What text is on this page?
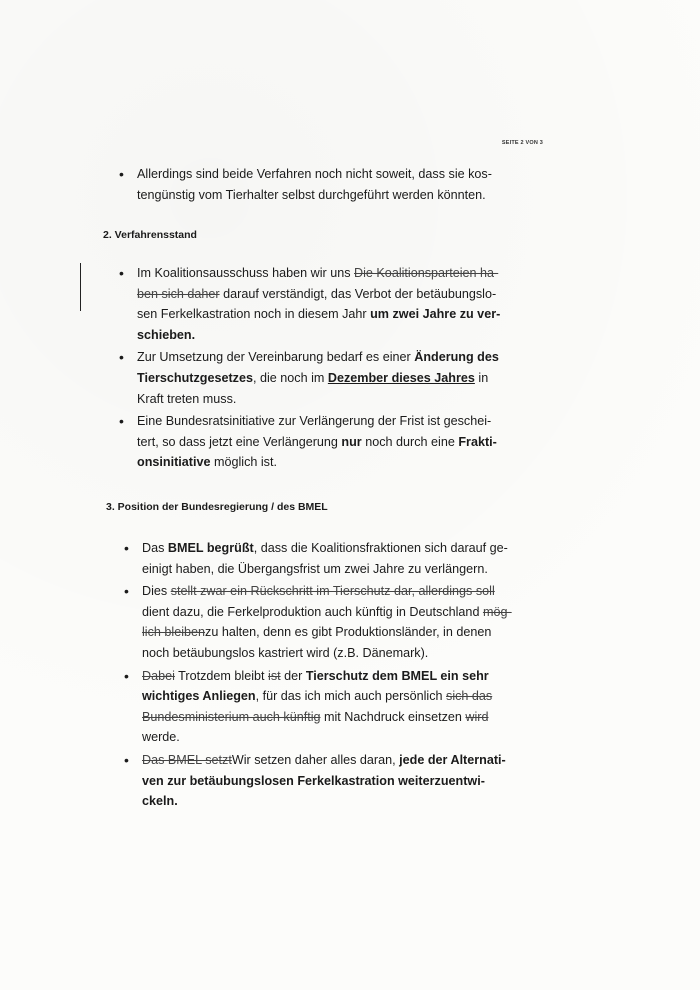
SEITE 2 VON 3
• Allerdings sind beide Verfahren noch nicht soweit, dass sie kos-tengünstig vom Tierhalter selbst durchgeführt werden könnten.
2. Verfahrensstand
• Im Koalitionsausschuss haben wir uns Die Koalitionsparteien ha-ben sich daher darauf verständigt, das Verbot der betäubungslo-sen Ferkelkastration noch in diesem Jahr um zwei Jahre zu ver-schieben.
• Zur Umsetzung der Vereinbarung bedarf es einer Änderung des Tierschutzgesetzes, die noch im Dezember dieses Jahres in Kraft treten muss.
• Eine Bundesratsinitiative zur Verlängerung der Frist ist geschei-tert, so dass jetzt eine Verlängerung nur noch durch eine Frakti-onsinitiative möglich ist.
3. Position der Bundesregierung / des BMEL
• Das BMEL begrüßt, dass die Koalitionsfraktionen sich darauf ge-einigt haben, die Übergangsfrist um zwei Jahre zu verlängern.
• Dies stellt zwar ein Rückschritt im Tierschutz dar, allerdings soll dient dazu, die Ferkelproduktion auch künftig in Deutschland mög-lich bleibenzu halten, denn es gibt Produktionsländer, in denen noch betäubungslos kastriert wird (z.B. Dänemark).
• Dabei Trotzdem bleibt ist der Tierschutz dem BMEL ein sehr wichtiges Anliegen, für das ich mich auch persönlich sich das Bundesministerium auch künftig mit Nachdruck einsetzen wird werde.
• Das BMEL setztWir setzen daher alles daran, jede der Alternati-ven zur betäubungslosen Ferkelkastration weiterzuentwi-ckeln.
